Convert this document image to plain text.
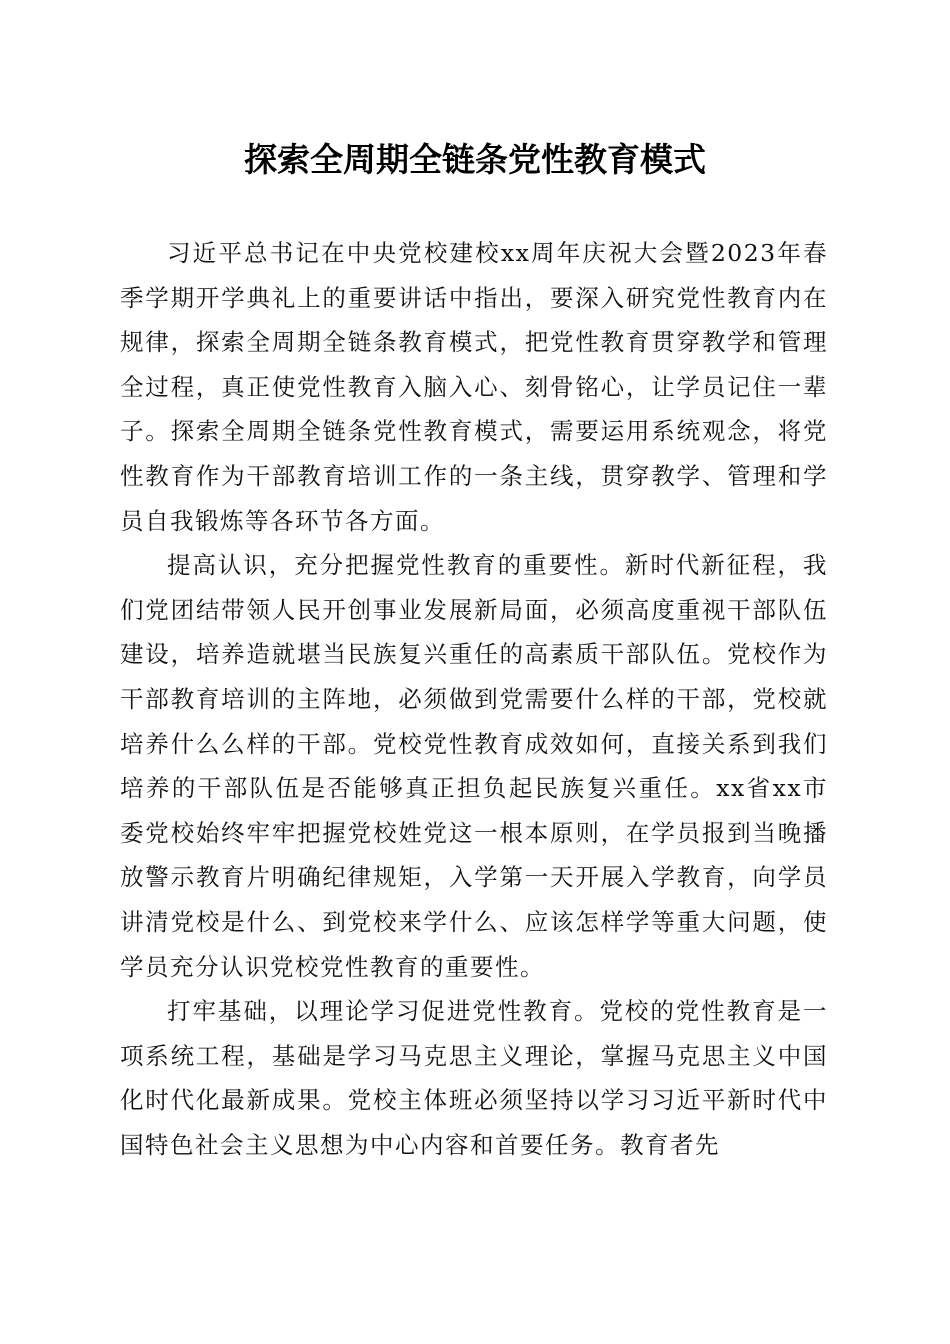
探索全周期全链条党性教育模式

习近平总书记在中央党校建校xx周年庆祝大会暨2023年春季学期开学典礼上的重要讲话中指出，要深入研究党性教育内在规律，探索全周期全链条教育模式，把党性教育贯穿教学和管理全过程，真正使党性教育入脑入心、刻骨铭心，让学员记住一辈子。探索全周期全链条党性教育模式，需要运用系统观念，将党性教育作为干部教育培训工作的一条主线，贯穿教学、管理和学员自我锻炼等各环节各方面。

提高认识，充分把握党性教育的重要性。新时代新征程，我们党团结带领人民开创事业发展新局面，必须高度重视干部队伍建设，培养造就堪当民族复兴重任的高素质干部队伍。党校作为干部教育培训的主阵地，必须做到党需要什么样的干部，党校就培养什么么样的干部。党校党性教育成效如何，直接关系到我们培养的干部队伍是否能够真正担负起民族复兴重任。xx省xx市委党校始终牢牢把握党校姓党这一根本原则，在学员报到当晚播放警示教育片明确纪律规矩，入学第一天开展入学教育，向学员讲清党校是什么、到党校来学什么、应该怎样学等重大问题，使学员充分认识党校党性教育的重要性。

打牢基础，以理论学习促进党性教育。党校的党性教育是一项系统工程，基础是学习马克思主义理论，掌握马克思主义中国化时代化最新成果。党校主体班必须坚持以学习习近平新时代中国特色社会主义思想为中心内容和首要任务。教育者先
